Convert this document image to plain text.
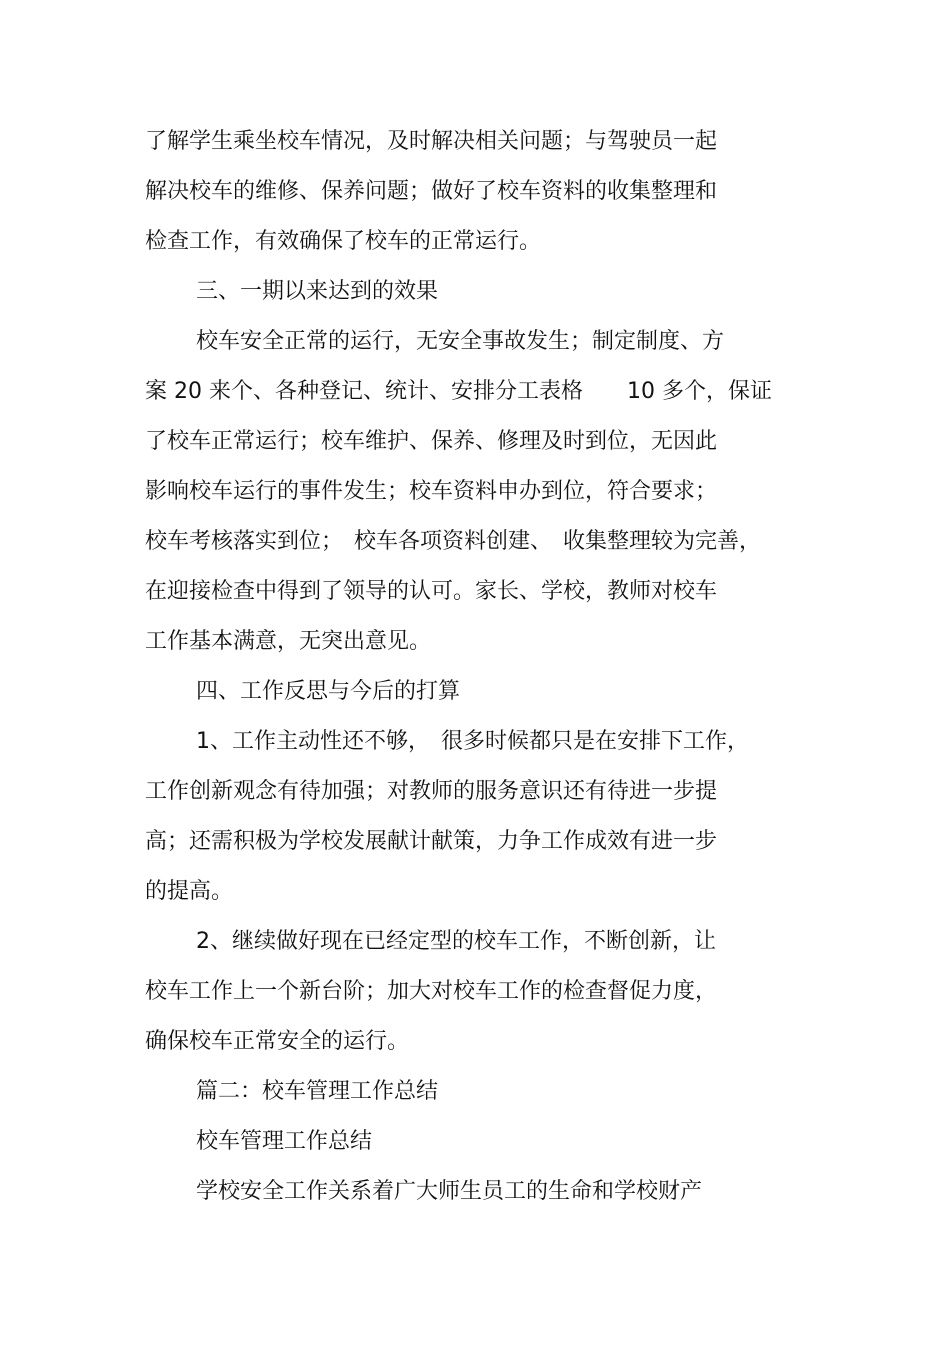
了解学生乘坐校车情况，及时解决相关问题；与驾驶员一起
解决校车的维修、保养问题；做好了校车资料的收集整理和
检查工作，有效确保了校车的正常运行。
三、一期以来达到的效果
校车安全正常的运行，无安全事故发生；制定制度、方
案 20 来个、各种登记、统计、安排分工表格　　10 多个，保证
了校车正常运行；校车维护、保养、修理及时到位，无因此
影响校车运行的事件发生；校车资料申办到位，符合要求；
校车考核落实到位；　校车各项资料创建、　收集整理较为完善，
在迎接检查中得到了领导的认可。家长、学校，教师对校车
工作基本满意，无突出意见。
四、工作反思与今后的打算
1、工作主动性还不够，　很多时候都只是在安排下工作，
工作创新观念有待加强；对教师的服务意识还有待进一步提
高；还需积极为学校发展献计献策，力争工作成效有进一步
的提高。
2、继续做好现在已经定型的校车工作，不断创新，让
校车工作上一个新台阶；加大对校车工作的检查督促力度，
确保校车正常安全的运行。
篇二：校车管理工作总结
校车管理工作总结
学校安全工作关系着广大师生员工的生命和学校财产
